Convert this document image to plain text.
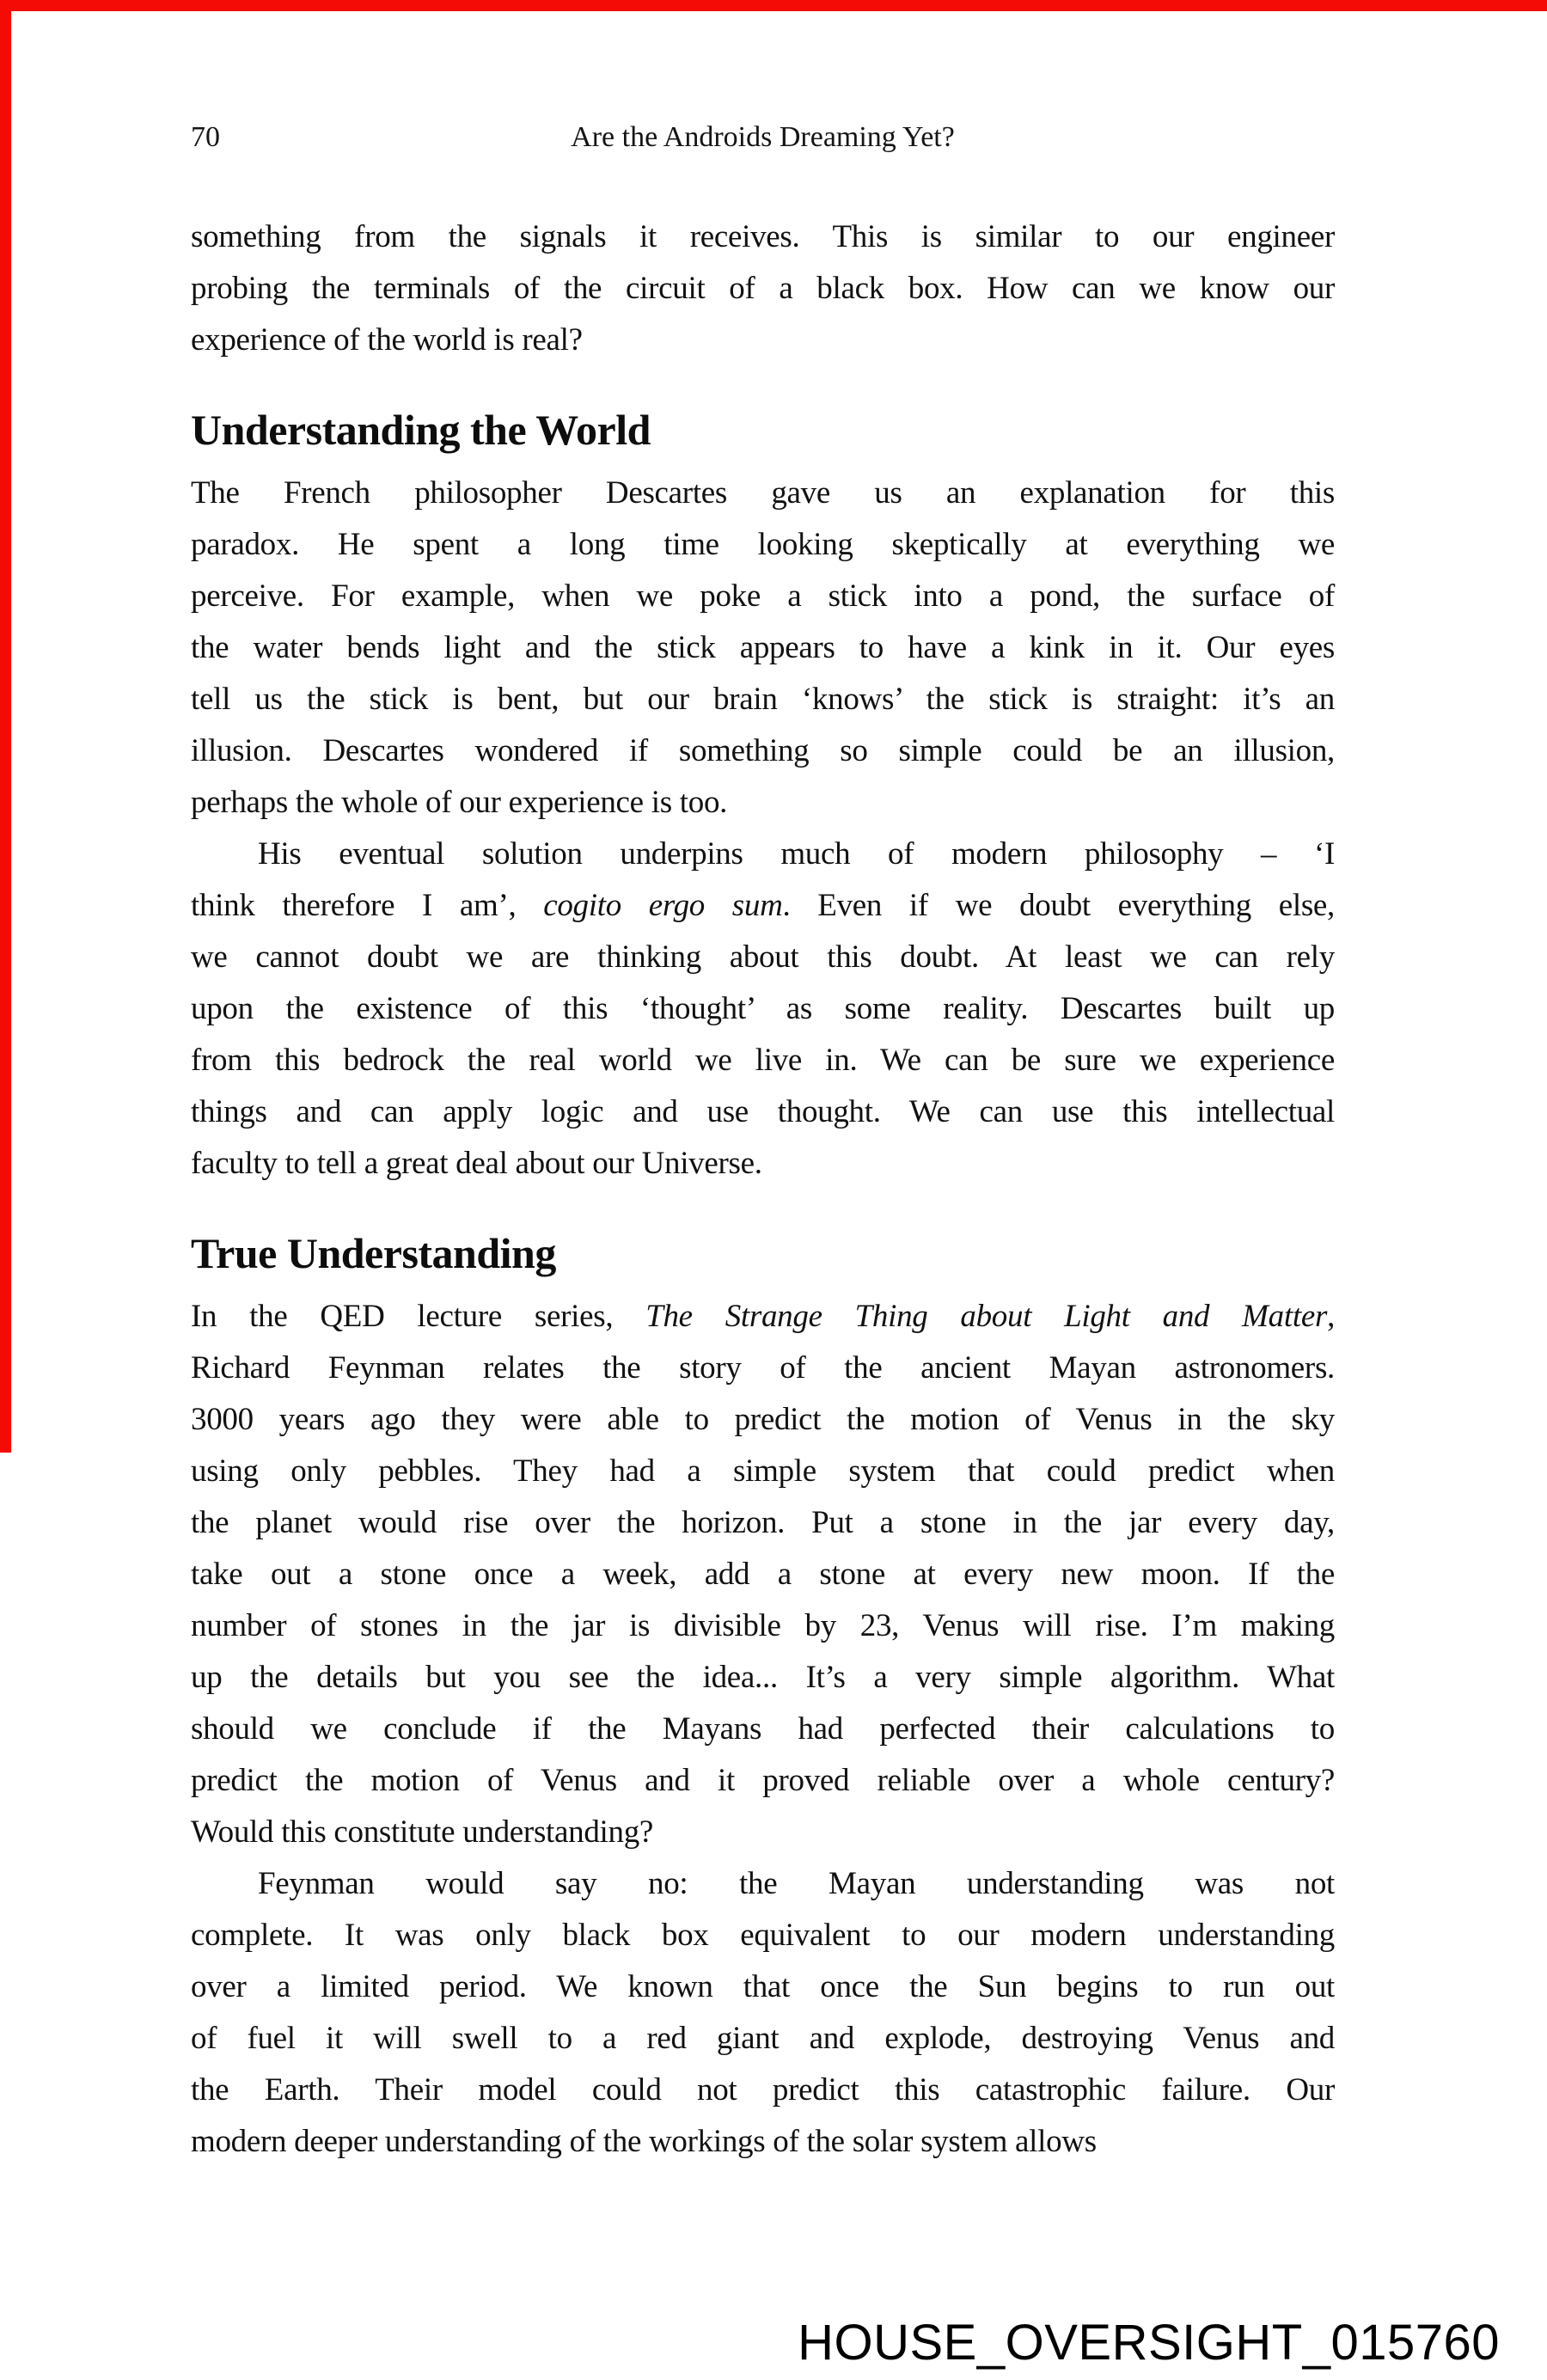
70	Are the Androids Dreaming Yet?
something from the signals it receives. This is similar to our engineer
probing the terminals of the circuit of a black box. How can we know our
experience of the world is real?
Understanding the World
The French philosopher Descartes gave us an explanation for this
paradox. He spent a long time looking skeptically at everything we
perceive. For example, when we poke a stick into a pond, the surface of
the water bends light and the stick appears to have a kink in it. Our eyes
tell us the stick is bent, but our brain ‘knows’ the stick is straight: it’s an
illusion. Descartes wondered if something so simple could be an illusion,
perhaps the whole of our experience is too.
His eventual solution underpins much of modern philosophy – ‘I
think therefore I am’, cogito ergo sum. Even if we doubt everything else,
we cannot doubt we are thinking about this doubt. At least we can rely
upon the existence of this ‘thought’ as some reality. Descartes built up
from this bedrock the real world we live in. We can be sure we experience
things and can apply logic and use thought. We can use this intellectual
faculty to tell a great deal about our Universe.
True Understanding
In the QED lecture series, The Strange Thing about Light and Matter,
Richard Feynman relates the story of the ancient Mayan astronomers.
3000 years ago they were able to predict the motion of Venus in the sky
using only pebbles. They had a simple system that could predict when
the planet would rise over the horizon. Put a stone in the jar every day,
take out a stone once a week, add a stone at every new moon. If the
number of stones in the jar is divisible by 23, Venus will rise. I’m making
up the details but you see the idea... It’s a very simple algorithm. What
should we conclude if the Mayans had perfected their calculations to
predict the motion of Venus and it proved reliable over a whole century?
Would this constitute understanding?
Feynman would say no: the Mayan understanding was not
complete. It was only black box equivalent to our modern understanding
over a limited period. We known that once the Sun begins to run out
of fuel it will swell to a red giant and explode, destroying Venus and
the Earth. Their model could not predict this catastrophic failure. Our
modern deeper understanding of the workings of the solar system allows
HOUSE_OVERSIGHT_015760
